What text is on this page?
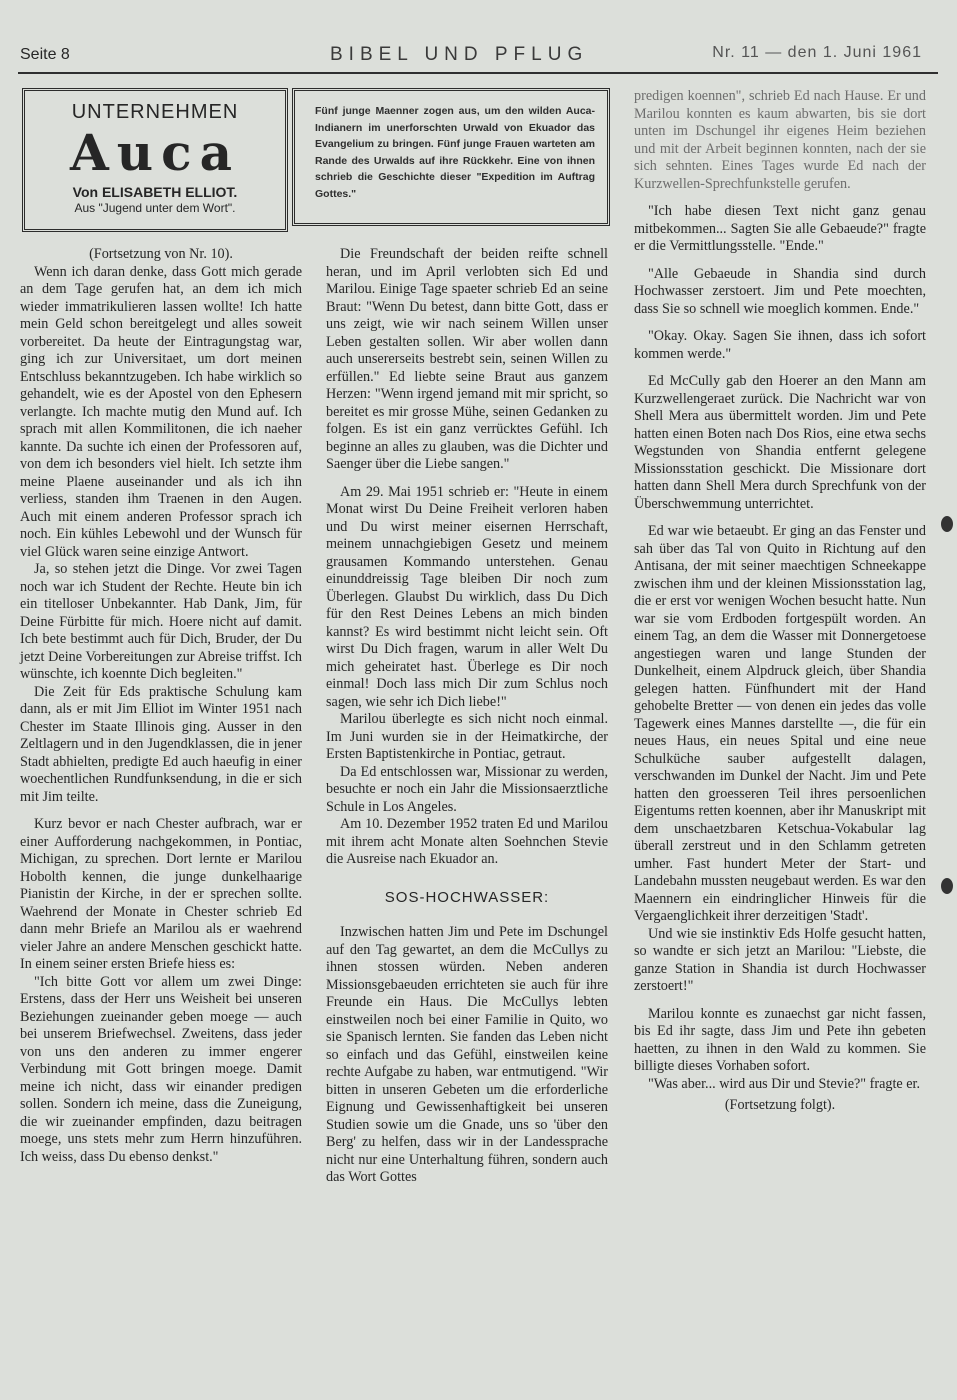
Seite 8	BIBEL UND PFLUG	Nr. 11 — den 1. Juni 1961
UNTERNEHMEN
Auca
Von ELISABETH ELLIOT.
Aus "Jugend unter dem Wort".
Fünf junge Maenner zogen aus, um den wilden Auca-Indianern im unerforschten Urwald von Ekuador das Evangelium zu bringen. Fünf junge Frauen warteten am Rande des Urwalds auf ihre Rückkehr. Eine von ihnen schrieb die Geschichte dieser "Expedition im Auftrag Gottes."

(Fortsetzung von Nr. 10).

Wenn ich daran denke, dass Gott mich gerade an dem Tage gerufen hat, an dem ich mich wieder immatrikulieren lassen wollte! Ich hatte mein Geld schon bereitgelegt und alles soweit vorbereitet. Da heute der Eintragungstag war, ging ich zur Universitaet, um dort meinen Entschluss bekanntzugeben. Ich habe wirklich so gehandelt, wie es der Apostel von den Ephesern verlangte. Ich machte mutig den Mund auf. Ich sprach mit allen Kommilitonen, die ich naeher kannte. Da suchte ich einen der Professoren auf, von dem ich besonders viel hielt. Ich setzte ihm meine Plaene auseinander und als ich ihn verliess, standen ihm Traenen in den Augen. Auch mit einem anderen Professor sprach ich noch. Ein kühles Lebewohl und der Wunsch für viel Glück waren seine einzige Antwort.

Ja, so stehen jetzt die Dinge. Vor zwei Tagen noch war ich Student der Rechte. Heute bin ich ein titelloser Unbekannter. Hab Dank, Jim, für Deine Fürbitte für mich. Hoere nicht auf damit. Ich bete bestimmt auch für Dich, Bruder, der Du jetzt Deine Vorbereitungen zur Abreise triffst. Ich wünschte, ich koennte Dich begleiten."

Die Zeit für Eds praktische Schulung kam dann, als er mit Jim Elliot im Winter 1951 nach Chester im Staate Illinois ging. Ausser in den Zeltlagern und in den Jugendklassen, die in jener Stadt abhielten, predigte Ed auch haeufig in einer woechentlichen Rundfunksendung, in die er sich mit Jim teilte.

Kurz bevor er nach Chester aufbrach, war er einer Aufforderung nachgekommen, in Pontiac, Michigan, zu sprechen. Dort lernte er Marilou Hobolth kennen, die junge dunkelhaarige Pianistin der Kirche, in der er sprechen sollte. Waehrend der Monate in Chester schrieb Ed dann mehr Briefe an Marilou als er waehrend vieler Jahre an andere Menschen geschickt hatte. In einem seiner ersten Briefe hiess es:

"Ich bitte Gott vor allem um zwei Dinge: Erstens, dass der Herr uns Weisheit bei unseren Beziehungen zueinander geben moege — auch bei unserem Briefwechsel. Zweitens, dass jeder von uns den anderen zu immer engerer Verbindung mit Gott bringen moege. Damit meine ich nicht, dass wir einander predigen sollen. Sondern ich meine, dass die Zuneigung, die wir zueinander empfinden, dazu beitragen moege, uns stets mehr zum Herrn hinzuführen. Ich weiss, dass Du ebenso denkst."

Die Freundschaft der beiden reifte schnell heran, und im April verlobten sich Ed und Marilou. Einige Tage spaeter schrieb Ed an seine Braut: "Wenn Du betest, dann bitte Gott, dass er uns zeigt, wie wir nach seinem Willen unser Leben gestalten sollen. Wir aber wollen dann auch unsererseits bestrebt sein, seinen Willen zu erfüllen." Ed liebte seine Braut aus ganzem Herzen: "Wenn irgend jemand mit mir spricht, so bereitet es mir grosse Mühe, seinen Gedanken zu folgen. Es ist ein ganz verrücktes Gefühl. Ich beginne an alles zu glauben, was die Dichter und Saenger über die Liebe sangen."

Am 29. Mai 1951 schrieb er: "Heute in einem Monat wirst Du Deine Freiheit verloren haben und Du wirst meiner eisernen Herrschaft, meinem unnachgiebigen Gesetz und meinem grausamen Kommando unterstehen. Genau einunddreissig Tage bleiben Dir noch zum Überlegen. Glaubst Du wirklich, dass Du Dich für den Rest Deines Lebens an mich binden kannst? Es wird bestimmt nicht leicht sein. Oft wirst Du Dich fragen, warum in aller Welt Du mich geheiratet hast. Überlege es Dir noch einmal! Doch lass mich Dir zum Schlus noch sagen, wie sehr ich Dich liebe!"

Marilou überlegte es sich nicht noch einmal. Im Juni wurden sie in der Heimatkirche, der Ersten Baptistenkirche in Pontiac, getraut.

Da Ed entschlossen war, Missionar zu werden, besuchte er noch ein Jahr die Missionsaerztliche Schule in Los Angeles.

Am 10. Dezember 1952 traten Ed und Marilou mit ihrem acht Monate alten Soehnchen Stevie die Ausreise nach Ekuador an.

SOS-HOCHWASSER:

Inzwischen hatten Jim und Pete im Dschungel auf den Tag gewartet, an dem die McCullys zu ihnen stossen würden. Neben anderen Missionsgebaeuden errichteten sie auch für ihre Freunde ein Haus. Die McCullys lebten einstweilen noch bei einer Familie in Quito, wo sie Spanisch lernten. Sie fanden das Leben nicht so einfach und das Gefühl, einstweilen keine rechte Aufgabe zu haben, war entmutigend. "Wir bitten in unseren Gebeten um die erforderliche Eignung und Gewissenhaftigkeit bei unseren Studien sowie um die Gnade, uns so 'über den Berg' zu helfen, dass wir in der Landessprache nicht nur eine Unterhaltung führen, sondern auch das Wort Gottes

predigen koennen", schrieb Ed nach Hause. Er und Marilou konnten es kaum abwarten, bis sie dort unten im Dschungel ihr eigenes Heim beziehen und mit der Arbeit beginnen konnten, nach der sie sich sehnten. Eines Tages wurde Ed nach der Kurzwellen-Sprechfunkstelle gerufen.

"Ich habe diesen Text nicht ganz genau mitbekommen... Sagten Sie alle Gebaeude?" fragte er die Vermittlungsstelle. "Ende."

"Alle Gebaeude in Shandia sind durch Hochwasser zerstoert. Jim und Pete moechten, dass Sie so schnell wie moeglich kommen. Ende."

"Okay. Okay. Sagen Sie ihnen, dass ich sofort kommen werde."

Ed McCully gab den Hoerer an den Mann am Kurzwellengeraet zurück. Die Nachricht war von Shell Mera aus übermittelt worden. Jim und Pete hatten einen Boten nach Dos Rios, eine etwa sechs Wegstunden von Shandia entfernt gelegene Missionsstation geschickt. Die Missionare dort hatten dann Shell Mera durch Sprechfunk von der Überschwemmung unterrichtet.

Ed war wie betaeubt. Er ging an das Fenster und sah über das Tal von Quito in Richtung auf den Antisana, der mit seiner maechtigen Schneekappe zwischen ihm und der kleinen Missionsstation lag, die er erst vor wenigen Wochen besucht hatte. Nun war sie vom Erdboden fortgespült worden. An einem Tag, an dem die Wasser mit Donnergetoese angestiegen waren und lange Stunden der Dunkelheit, einem Alpdruck gleich, über Shandia gelegen hatten. Fünfhundert mit der Hand gehobelte Bretter — von denen ein jedes das volle Tagewerk eines Mannes darstellte —, die für ein neues Haus, ein neues Spital und eine neue Schulküche sauber aufgestellt dalagen, verschwanden im Dunkel der Nacht. Jim und Pete hatten den groesseren Teil ihres persoenlichen Eigentums retten koennen, aber ihr Manuskript mit dem unschaetzbaren Ketschua-Vokabular lag überall zerstreut und in den Schlamm getreten umher. Fast hundert Meter der Start- und Landebahn mussten neugebaut werden. Es war den Maennern ein eindringlicher Hinweis für die Vergaenglichkeit ihrer derzeitigen 'Stadt'.

Und wie sie instinktiv Eds Holfe gesucht hatten, so wandte er sich jetzt an Marilou: "Liebste, die ganze Station in Shandia ist durch Hochwasser zerstoert!"

Marilou konnte es zunaechst gar nicht fassen, bis Ed ihr sagte, dass Jim und Pete ihn gebeten haetten, zu ihnen in den Wald zu kommen. Sie billigte dieses Vorhaben sofort.

"Was aber... wird aus Dir und Stevie?" fragte er.

(Fortsetzung folgt).
